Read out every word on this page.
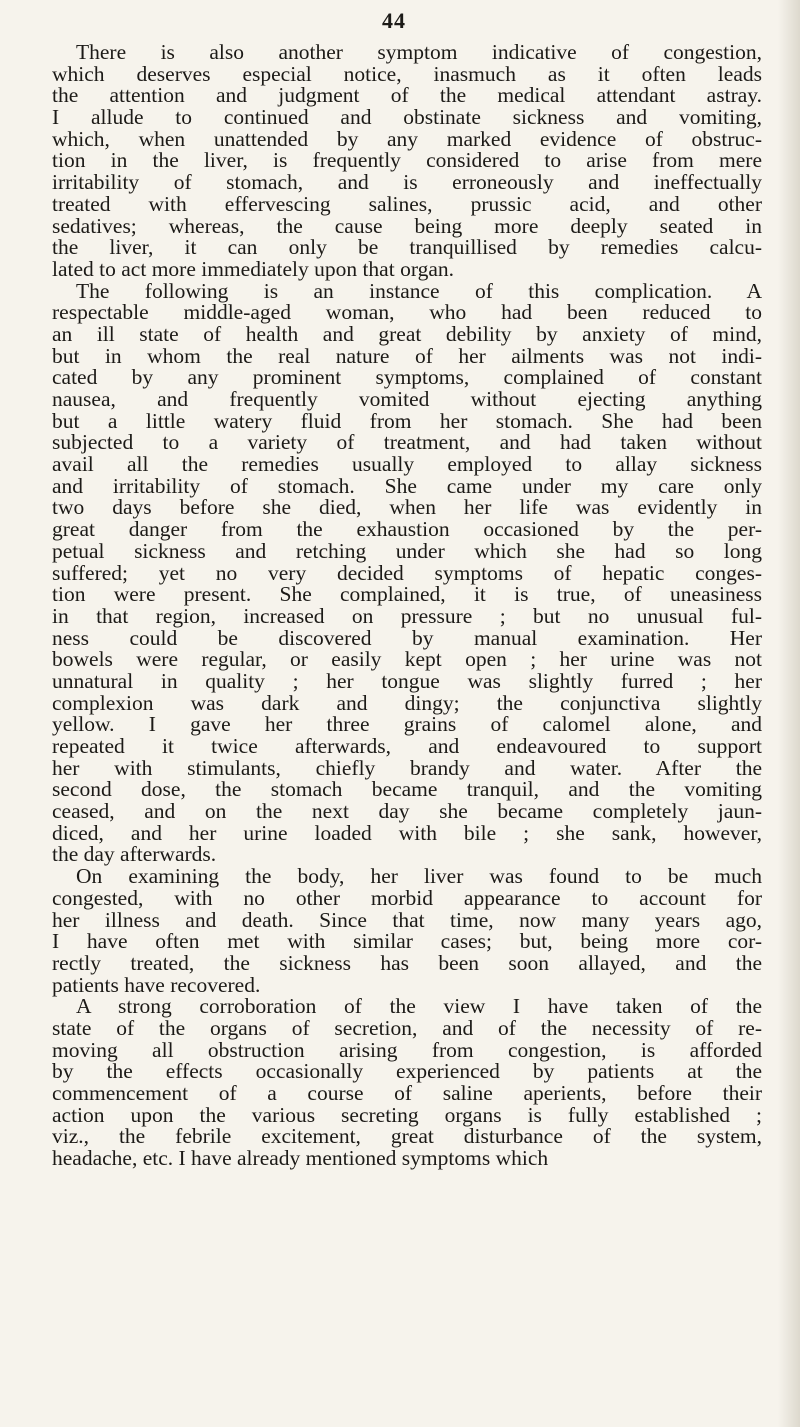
44
There is also another symptom indicative of congestion,
which deserves especial notice, inasmuch as it often leads
the attention and judgment of the medical attendant astray.
I allude to continued and obstinate sickness and vomiting,
which, when unattended by any marked evidence of obstruc-
tion in the liver, is frequently considered to arise from mere
irritability of stomach, and is erroneously and ineffectually
treated with effervescing salines, prussic acid, and other
sedatives; whereas, the cause being more deeply seated in
the liver, it can only be tranquillised by remedies calcu-
lated to act more immediately upon that organ.
The following is an instance of this complication. A
respectable middle-aged woman, who had been reduced to
an ill state of health and great debility by anxiety of mind,
but in whom the real nature of her ailments was not indi-
cated by any prominent symptoms, complained of constant
nausea, and frequently vomited without ejecting anything
but a little watery fluid from her stomach. She had been
subjected to a variety of treatment, and had taken without
avail all the remedies usually employed to allay sickness
and irritability of stomach. She came under my care only
two days before she died, when her life was evidently in
great danger from the exhaustion occasioned by the per-
petual sickness and retching under which she had so long
suffered; yet no very decided symptoms of hepatic conges-
tion were present. She complained, it is true, of uneasiness
in that region, increased on pressure ; but no unusual ful-
ness could be discovered by manual examination. Her
bowels were regular, or easily kept open ; her urine was not
unnatural in quality ; her tongue was slightly furred ; her
complexion was dark and dingy; the conjunctiva slightly
yellow. I gave her three grains of calomel alone, and
repeated it twice afterwards, and endeavoured to support
her with stimulants, chiefly brandy and water. After the
second dose, the stomach became tranquil, and the vomiting
ceased, and on the next day she became completely jaun-
diced, and her urine loaded with bile ; she sank, however,
the day afterwards.
On examining the body, her liver was found to be much
congested, with no other morbid appearance to account for
her illness and death. Since that time, now many years ago,
I have often met with similar cases; but, being more cor-
rectly treated, the sickness has been soon allayed, and the
patients have recovered.
A strong corroboration of the view I have taken of the
state of the organs of secretion, and of the necessity of re-
moving all obstruction arising from congestion, is afforded
by the effects occasionally experienced by patients at the
commencement of a course of saline aperients, before their
action upon the various secreting organs is fully established ;
viz., the febrile excitement, great disturbance of the system,
headache, etc. I have already mentioned symptoms which
